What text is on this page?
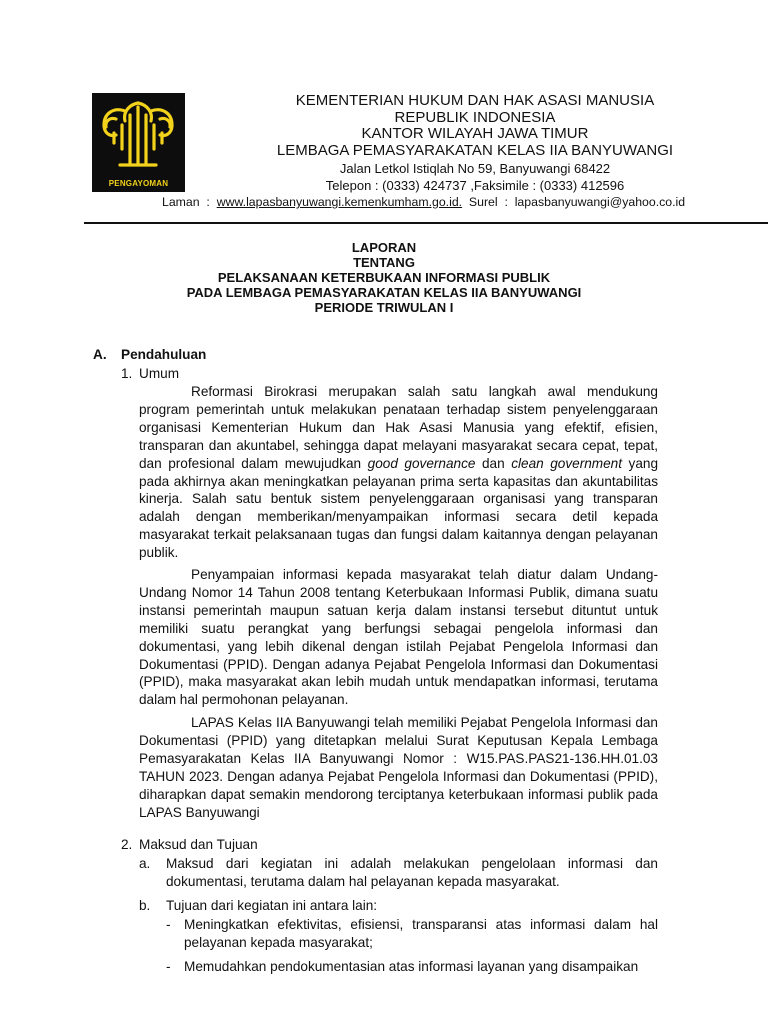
PENGAYOMAN
KEMENTERIAN HUKUM DAN HAK ASASI MANUSIA
REPUBLIK INDONESIA
KANTOR WILAYAH JAWA TIMUR
LEMBAGA PEMASYARAKATAN KELAS IIA BANYUWANGI
Jalan Letkol Istiqlah No 59, Banyuwangi 68422
Telepon : (0333) 424737 ,Faksimile : (0333) 412596
Laman  :  www.lapasbanyuwangi.kemenkumham.go.id.  Surel  :  lapasbanyuwangi@yahoo.co.id
LAPORAN
TENTANG
PELAKSANAAN KETERBUKAAN INFORMASI PUBLIK
PADA LEMBAGA PEMASYARAKATAN KELAS IIA BANYUWANGI
PERIODE TRIWULAN I
A. Pendahuluan
1. Umum

Reformasi Birokrasi merupakan salah satu langkah awal mendukung program pemerintah untuk melakukan penataan terhadap sistem penyelenggaraan organisasi Kementerian Hukum dan Hak Asasi Manusia yang efektif, efisien, transparan dan akuntabel, sehingga dapat melayani masyarakat secara cepat, tepat, dan profesional dalam mewujudkan good governance dan clean government yang pada akhirnya akan meningkatkan pelayanan prima serta kapasitas dan akuntabilitas kinerja. Salah satu bentuk sistem penyelenggaraan organisasi yang transparan adalah dengan memberikan/menyampaikan informasi secara detil kepada masyarakat terkait pelaksanaan tugas dan fungsi dalam kaitannya dengan pelayanan publik.

Penyampaian informasi kepada masyarakat telah diatur dalam Undang-Undang Nomor 14 Tahun 2008 tentang Keterbukaan Informasi Publik, dimana suatu instansi pemerintah maupun satuan kerja dalam instansi tersebut dituntut untuk memiliki suatu perangkat yang berfungsi sebagai pengelola informasi dan dokumentasi, yang lebih dikenal dengan istilah Pejabat Pengelola Informasi dan Dokumentasi (PPID). Dengan adanya Pejabat Pengelola Informasi dan Dokumentasi (PPID), maka masyarakat akan lebih mudah untuk mendapatkan informasi, terutama dalam hal permohonan pelayanan.

LAPAS Kelas IIA Banyuwangi telah memiliki Pejabat Pengelola Informasi dan Dokumentasi (PPID) yang ditetapkan melalui Surat Keputusan Kepala Lembaga Pemasyarakatan Kelas IIA Banyuwangi Nomor : W15.PAS.PAS21-136.HH.01.03 TAHUN 2023. Dengan adanya Pejabat Pengelola Informasi dan Dokumentasi (PPID), diharapkan dapat semakin mendorong terciptanya keterbukaan informasi publik pada LAPAS Banyuwangi

2. Maksud dan Tujuan
a. Maksud dari kegiatan ini adalah melakukan pengelolaan informasi dan dokumentasi, terutama dalam hal pelayanan kepada masyarakat.

b. Tujuan dari kegiatan ini antara lain:

- Meningkatkan efektivitas, efisiensi, transparansi atas informasi dalam hal pelayanan kepada masyarakat;

- Memudahkan pendokumentasian atas informasi layanan yang disampaikan
